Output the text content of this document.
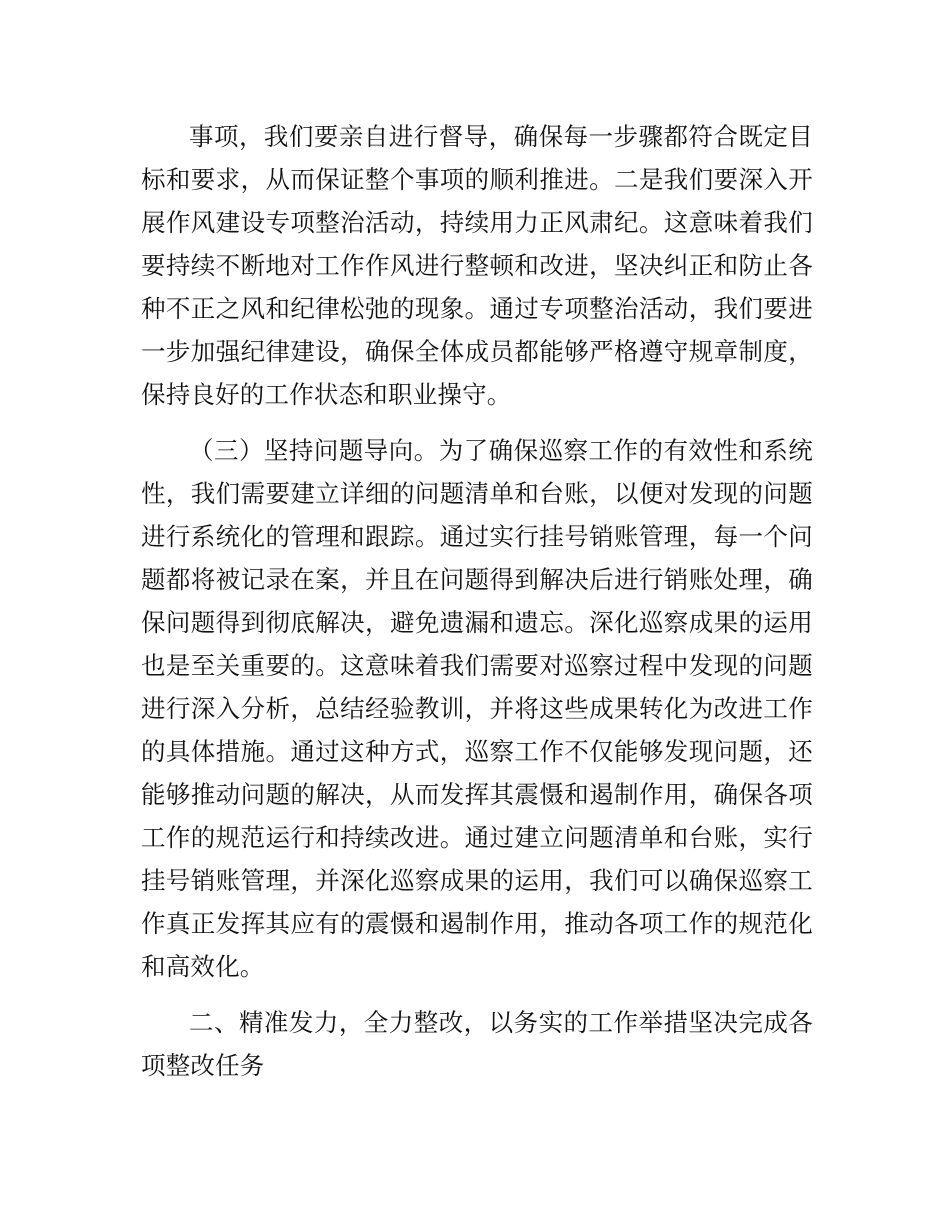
事项，我们要亲自进行督导，确保每一步骤都符合既定目
标和要求，从而保证整个事项的顺利推进。二是我们要深入开
展作风建设专项整治活动，持续用力正风肃纪。这意味着我们
要持续不断地对工作作风进行整顿和改进，坚决纠正和防止各
种不正之风和纪律松弛的现象。通过专项整治活动，我们要进
一步加强纪律建设，确保全体成员都能够严格遵守规章制度，
保持良好的工作状态和职业操守。
（三）坚持问题导向。为了确保巡察工作的有效性和系统
性，我们需要建立详细的问题清单和台账，以便对发现的问题
进行系统化的管理和跟踪。通过实行挂号销账管理，每一个问
题都将被记录在案，并且在问题得到解决后进行销账处理，确
保问题得到彻底解决，避免遗漏和遗忘。深化巡察成果的运用
也是至关重要的。这意味着我们需要对巡察过程中发现的问题
进行深入分析，总结经验教训，并将这些成果转化为改进工作
的具体措施。通过这种方式，巡察工作不仅能够发现问题，还
能够推动问题的解决，从而发挥其震慑和遏制作用，确保各项
工作的规范运行和持续改进。通过建立问题清单和台账，实行
挂号销账管理，并深化巡察成果的运用，我们可以确保巡察工
作真正发挥其应有的震慑和遏制作用，推动各项工作的规范化
和高效化。
二、精准发力，全力整改，以务实的工作举措坚决完成各
项整改任务
